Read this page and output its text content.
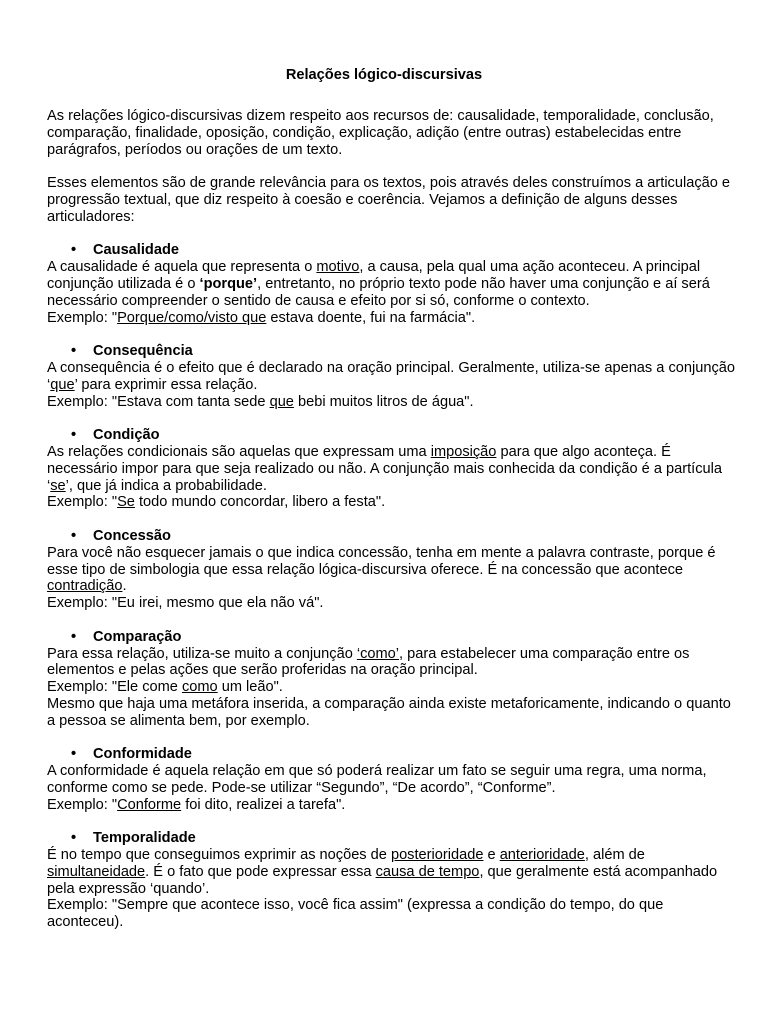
Relações lógico-discursivas

As relações lógico-discursivas dizem respeito aos recursos de: causalidade, temporalidade, conclusão, comparação, finalidade, oposição, condição, explicação, adição (entre outras) estabelecidas entre parágrafos, períodos ou orações de um texto.

Esses elementos são de grande relevância para os textos, pois através deles construímos a articulação e progressão textual, que diz respeito à coesão e coerência. Vejamos a definição de alguns desses articuladores:

• Causalidade

A causalidade é aquela que representa o motivo, a causa, pela qual uma ação aconteceu. A principal conjunção utilizada é o ‘porque’, entretanto, no próprio texto pode não haver uma conjunção e aí será necessário compreender o sentido de causa e efeito por si só, conforme o contexto.

Exemplo: "Porque/como/visto que estava doente, fui na farmácia".

• Consequência

A consequência é o efeito que é declarado na oração principal. Geralmente, utiliza-se apenas a conjunção ‘que’ para exprimir essa relação.

Exemplo: "Estava com tanta sede que bebi muitos litros de água".

• Condição

As relações condicionais são aquelas que expressam uma imposição para que algo aconteça. É necessário impor para que seja realizado ou não. A conjunção mais conhecida da condição é a partícula ‘se’, que já indica a probabilidade.

Exemplo: "Se todo mundo concordar, libero a festa".

• Concessão

Para você não esquecer jamais o que indica concessão, tenha em mente a palavra contraste, porque é esse tipo de simbologia que essa relação lógica-discursiva oferece. É na concessão que acontece contradição.

Exemplo: "Eu irei, mesmo que ela não vá".

• Comparação

Para essa relação, utiliza-se muito a conjunção ‘como’, para estabelecer uma comparação entre os elementos e pelas ações que serão proferidas na oração principal.

Exemplo: "Ele come como um leão".

Mesmo que haja uma metáfora inserida, a comparação ainda existe metaforicamente, indicando o quanto a pessoa se alimenta bem, por exemplo.

• Conformidade

A conformidade é aquela relação em que só poderá realizar um fato se seguir uma regra, uma norma, conforme como se pede. Pode-se utilizar “Segundo”, “De acordo”, “Conforme”.

Exemplo: "Conforme foi dito, realizei a tarefa".

• Temporalidade

É no tempo que conseguimos exprimir as noções de posterioridade e anterioridade, além de simultaneidade. É o fato que pode expressar essa causa de tempo, que geralmente está acompanhado pela expressão ‘quando’.

Exemplo: "Sempre que acontece isso, você fica assim" (expressa a condição do tempo, do que aconteceu).
